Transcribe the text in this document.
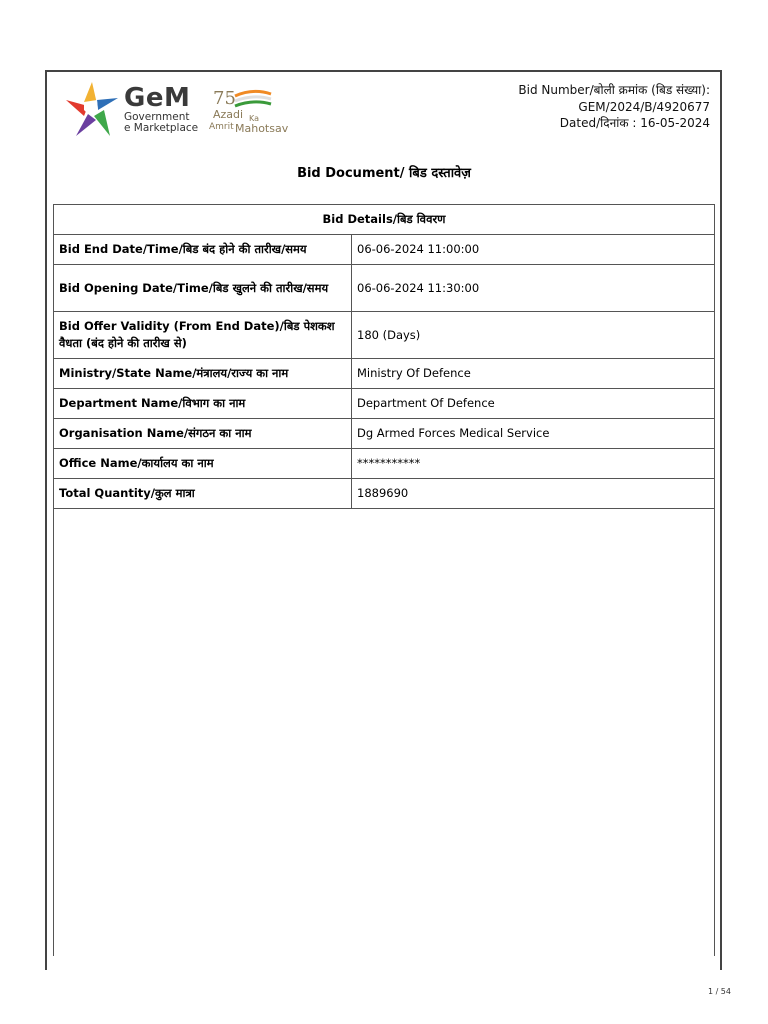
GeM
Government
e Marketplace
75
Azadi Ka
Amrit Mahotsav
Bid Number/बोली क्रमांक (बिड संख्या):
GEM/2024/B/4920677
Dated/दिनांक : 16-05-2024
Bid Document/ बिड दस्तावेज़
Bid Details/बिड विवरण	
Bid End Date/Time/बिड बंद होने की तारीख/समय	06-06-2024 11:00:00
Bid Opening Date/Time/बिड खुलने की तारीख/समय	06-06-2024 11:30:00
Bid Offer Validity (From End Date)/बिड पेशकश वैधता (बंद होने की तारीख से)	180 (Days)
Ministry/State Name/मंत्रालय/राज्य का नाम	Ministry Of Defence
Department Name/विभाग का नाम	Department Of Defence
Organisation Name/संगठन का नाम	Dg Armed Forces Medical Service
Office Name/कार्यालय का नाम	***********
Total Quantity/कुल मात्रा	1889690
1 / 54
